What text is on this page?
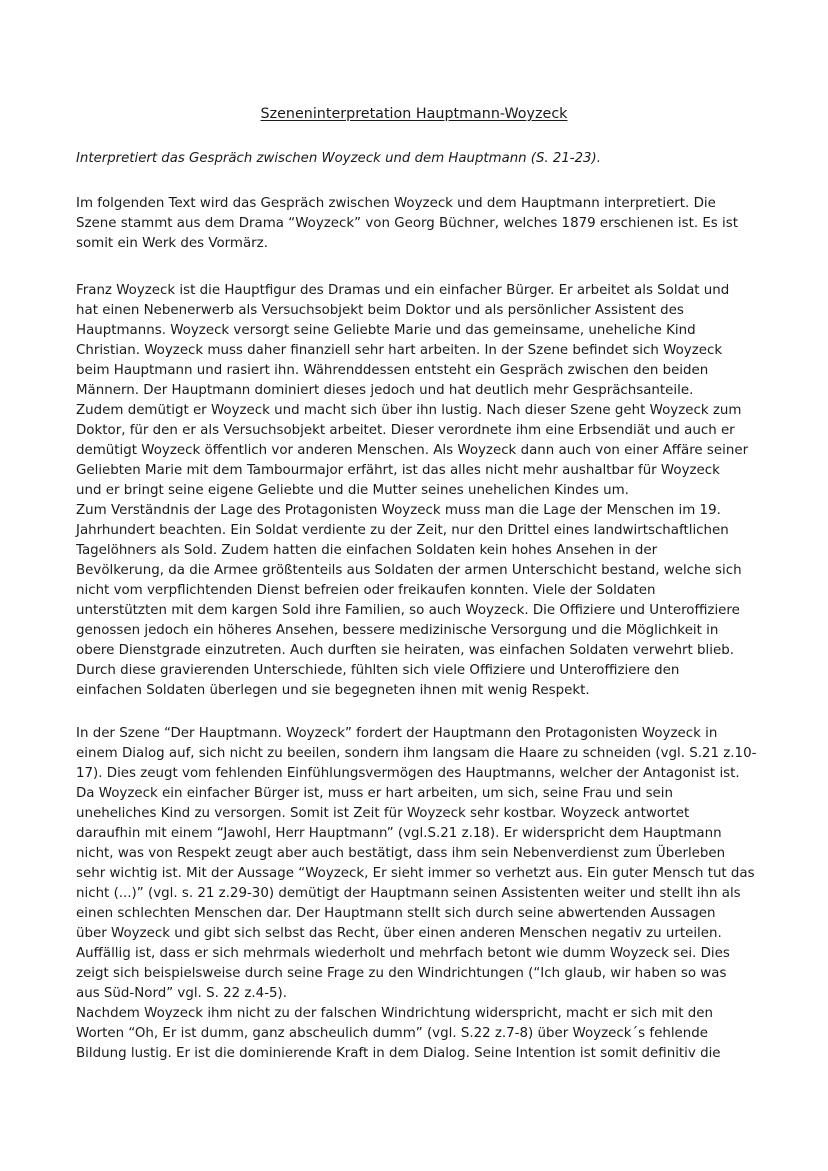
Szeneninterpretation Hauptmann-Woyzeck

Interpretiert das Gespräch zwischen Woyzeck und dem Hauptmann (S. 21-23).

Im folgenden Text wird das Gespräch zwischen Woyzeck und dem Hauptmann interpretiert. Die
Szene stammt aus dem Drama “Woyzeck” von Georg Büchner, welches 1879 erschienen ist. Es ist
somit ein Werk des Vormärz.
Franz Woyzeck ist die Hauptfigur des Dramas und ein einfacher Bürger. Er arbeitet als Soldat und
hat einen Nebenerwerb als Versuchsobjekt beim Doktor und als persönlicher Assistent des
Hauptmanns. Woyzeck versorgt seine Geliebte Marie und das gemeinsame, uneheliche Kind
Christian. Woyzeck muss daher finanziell sehr hart arbeiten. In der Szene befindet sich Woyzeck
beim Hauptmann und rasiert ihn. Währenddessen entsteht ein Gespräch zwischen den beiden
Männern. Der Hauptmann dominiert dieses jedoch und hat deutlich mehr Gesprächsanteile.
Zudem demütigt er Woyzeck und macht sich über ihn lustig. Nach dieser Szene geht Woyzeck zum
Doktor, für den er als Versuchsobjekt arbeitet. Dieser verordnete ihm eine Erbsendiät und auch er
demütigt Woyzeck öffentlich vor anderen Menschen. Als Woyzeck dann auch von einer Affäre seiner
Geliebten Marie mit dem Tambourmajor erfährt, ist das alles nicht mehr aushaltbar für Woyzeck
und er bringt seine eigene Geliebte und die Mutter seines unehelichen Kindes um.
Zum Verständnis der Lage des Protagonisten Woyzeck muss man die Lage der Menschen im 19.
Jahrhundert beachten. Ein Soldat verdiente zu der Zeit, nur den Drittel eines landwirtschaftlichen
Tagelöhners als Sold. Zudem hatten die einfachen Soldaten kein hohes Ansehen in der
Bevölkerung, da die Armee größtenteils aus Soldaten der armen Unterschicht bestand, welche sich
nicht vom verpflichtenden Dienst befreien oder freikaufen konnten. Viele der Soldaten
unterstützten mit dem kargen Sold ihre Familien, so auch Woyzeck. Die Offiziere und Unteroffiziere
genossen jedoch ein höheres Ansehen, bessere medizinische Versorgung und die Möglichkeit in
obere Dienstgrade einzutreten. Auch durften sie heiraten, was einfachen Soldaten verwehrt blieb.
Durch diese gravierenden Unterschiede, fühlten sich viele Offiziere und Unteroffiziere den
einfachen Soldaten überlegen und sie begegneten ihnen mit wenig Respekt.
In der Szene “Der Hauptmann. Woyzeck” fordert der Hauptmann den Protagonisten Woyzeck in
einem Dialog auf, sich nicht zu beeilen, sondern ihm langsam die Haare zu schneiden (vgl. S.21 z.10-
17). Dies zeugt vom fehlenden Einfühlungsvermögen des Hauptmanns, welcher der Antagonist ist.
Da Woyzeck ein einfacher Bürger ist, muss er hart arbeiten, um sich, seine Frau und sein
uneheliches Kind zu versorgen. Somit ist Zeit für Woyzeck sehr kostbar. Woyzeck antwortet
daraufhin mit einem “Jawohl, Herr Hauptmann” (vgl.S.21 z.18). Er widerspricht dem Hauptmann
nicht, was von Respekt zeugt aber auch bestätigt, dass ihm sein Nebenverdienst zum Überleben
sehr wichtig ist. Mit der Aussage “Woyzeck, Er sieht immer so verhetzt aus. Ein guter Mensch tut das
nicht (...)” (vgl. s. 21 z.29-30) demütigt der Hauptmann seinen Assistenten weiter und stellt ihn als
einen schlechten Menschen dar. Der Hauptmann stellt sich durch seine abwertenden Aussagen
über Woyzeck und gibt sich selbst das Recht, über einen anderen Menschen negativ zu urteilen.
Auffällig ist, dass er sich mehrmals wiederholt und mehrfach betont wie dumm Woyzeck sei. Dies
zeigt sich beispielsweise durch seine Frage zu den Windrichtungen (“Ich glaub, wir haben so was
aus Süd-Nord” vgl. S. 22 z.4-5).
Nachdem Woyzeck ihm nicht zu der falschen Windrichtung widerspricht, macht er sich mit den
Worten “Oh, Er ist dumm, ganz abscheulich dumm” (vgl. S.22 z.7-8) über Woyzeck´s fehlende
Bildung lustig. Er ist die dominierende Kraft in dem Dialog. Seine Intention ist somit definitiv die
